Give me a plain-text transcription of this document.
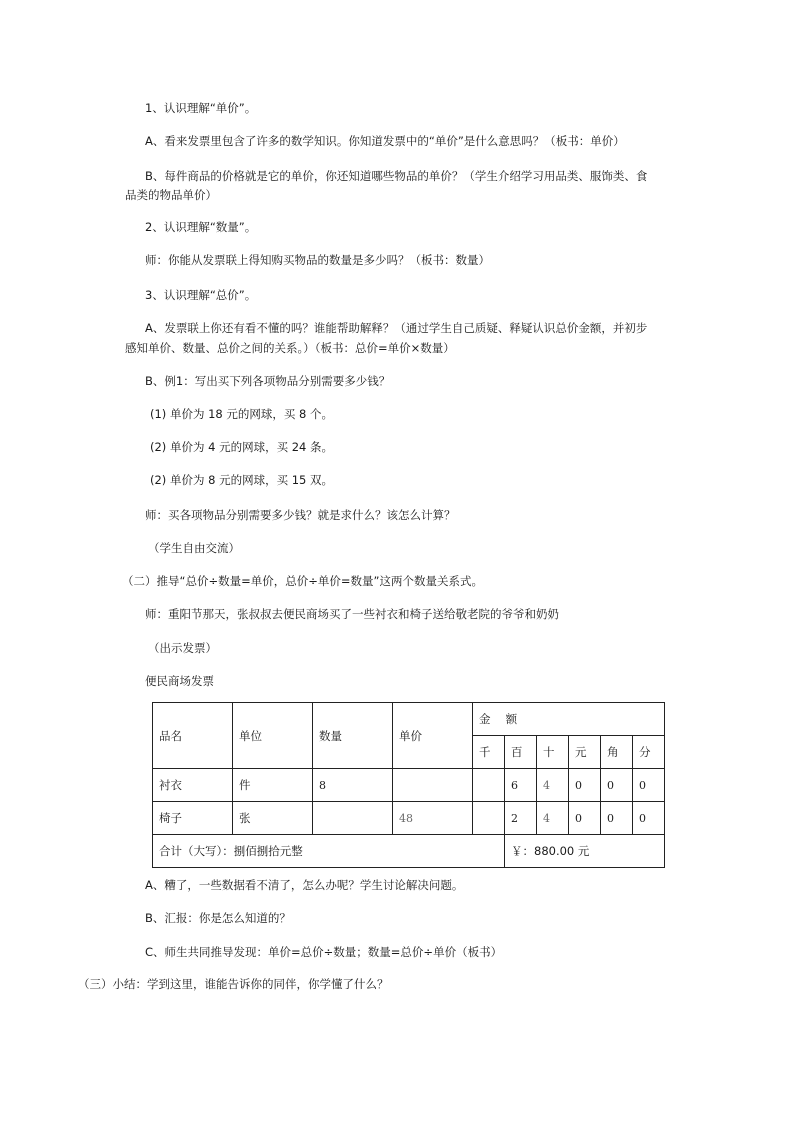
1、认识理解“单价”。
A、看来发票里包含了许多的数学知识。你知道发票中的“单价”是什么意思吗？（板书：单价）
B、每件商品的价格就是它的单价，你还知道哪些物品的单价？（学生介绍学习用品类、服饰类、食
品类的物品单价）
2、认识理解“数量”。
师：你能从发票联上得知购买物品的数量是多少吗？（板书：数量）
3、认识理解“总价”。
A、发票联上你还有看不懂的吗？谁能帮助解释？（通过学生自己质疑、释疑认识总价金额，并初步
感知单价、数量、总价之间的关系。）（板书：总价=单价×数量）
B、例1：写出买下列各项物品分别需要多少钱？
(1) 单价为 18 元的网球，买 8 个。
(2) 单价为 4 元的网球，买 24 条。
(2) 单价为 8 元的网球，买 15 双。
师：买各项物品分别需要多少钱？就是求什么？该怎么计算？
（学生自由交流）
（二）推导“总价÷数量=单价，总价÷单价=数量”这两个数量关系式。
师：重阳节那天，张叔叔去便民商场买了一些衬衣和椅子送给敬老院的爷爷和奶奶
（出示发票）
便民商场发票
品名	单位	数量	单价	金　 额					
				千	百	十	元	角	分
衬衣	件	8			6	4	0	0	0
椅子	张		48		2	4	0	0	0
合计（大写）：捌佰捌拾元整					￥：880.00 元				
A、糟了，一些数据看不清了，怎么办呢？学生讨论解决问题。
B、汇报：你是怎么知道的？
C、师生共同推导发现：单价=总价÷数量；数量=总价÷单价（板书）
（三）小结：学到这里，谁能告诉你的同伴，你学懂了什么？
